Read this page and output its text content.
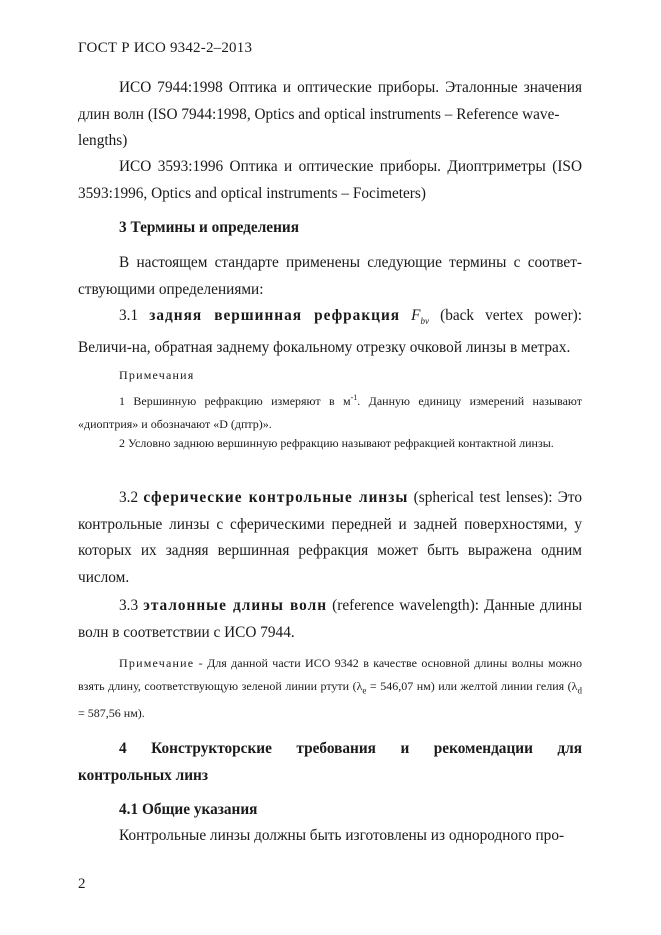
ГОСТ Р ИСО 9342-2–2013
ИСО 7944:1998 Оптика и оптические приборы. Эталонные значения длин волн (ISO 7944:1998, Optics and optical instruments – Reference wave-
lengths)
ИСО 3593:1996 Оптика и оптические приборы. Диоптриметры (ISO 3593:1996, Optics and optical instruments – Focimeters)
3 Термины и определения
В настоящем стандарте применены следующие термины с соответ-ствующими определениями:
3.1 задняя вершинная рефракция $F_{bv}$ (back vertex power): Величи-на, обратная заднему фокальному отрезку очковой линзы в метрах.
Примечания
1 Вершинную рефракцию измеряют в $м^{-1}$. Данную единицу измерений называют «диоптрия» и обозначают «D (дптр)».
2 Условно заднюю вершинную рефракцию называют рефракцией контактной линзы.
3.2 сферические контрольные линзы (spherical test lenses): Это контрольные линзы с сферическими передней и задней поверхностями, у которых их задняя вершинная рефракция может быть выражена одним числом.
3.3 эталонные длины волн (reference wavelength): Данные длины волн в соответствии с ИСО 7944.
Примечание - Для данной части ИСО 9342 в качестве основной длины волны можно взять длину, соответствующую зеленой линии ртути ($\lambda_e = 546,07$ нм) или желтой линии гелия ($\lambda_d = 587,56$ нм).
4 Конструкторские требования и рекомендации для
контрольных линз
4.1 Общие указания
Контрольные линзы должны быть изготовлены из однородного про-
2
